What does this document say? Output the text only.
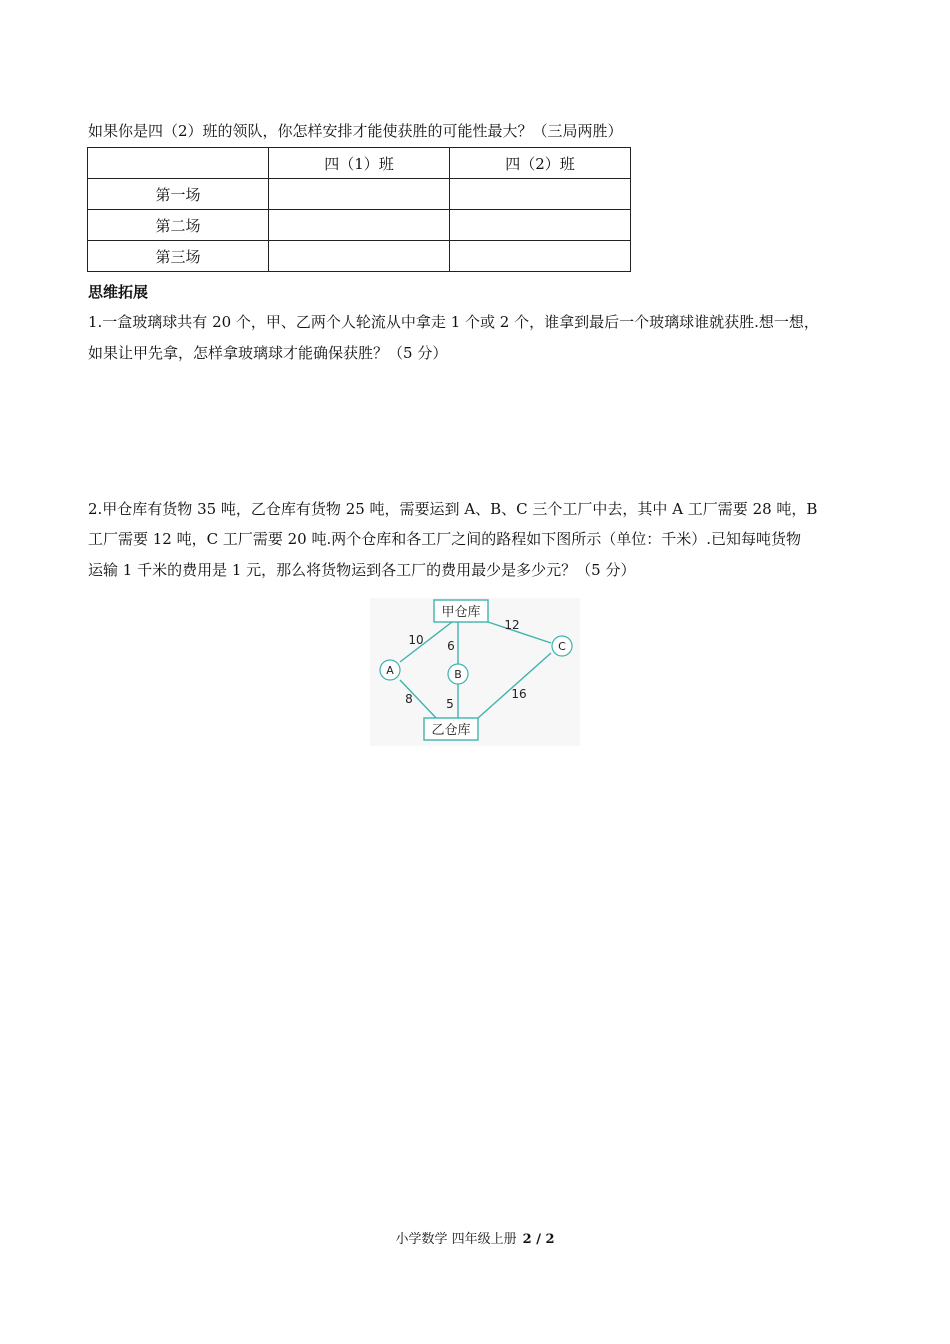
如果你是四（2）班的领队，你怎样安排才能使获胜的可能性最大？（三局两胜）
	四（1）班	四（2）班
第一场		
第二场		
第三场		
思维拓展
1.一盒玻璃球共有 20 个，甲、乙两个人轮流从中拿走 1 个或 2 个，谁拿到最后一个玻璃球谁就获胜.想一想，
如果让甲先拿，怎样拿玻璃球才能确保获胜？（5 分）
2.甲仓库有货物 35 吨，乙仓库有货物 25 吨，需要运到 A、B、C 三个工厂中去，其中 A 工厂需要 28 吨，B
工厂需要 12 吨，C 工厂需要 20 吨.两个仓库和各工厂之间的路程如下图所示（单位：千米）.已知每吨货物
运输 1 千米的费用是 1 元，那么将货物运到各工厂的费用最少是多少元？（5 分）
甲仓库
乙仓库
A	B
C
10 6
12
8	5
16
小学数学 四年级上册 2 / 2
